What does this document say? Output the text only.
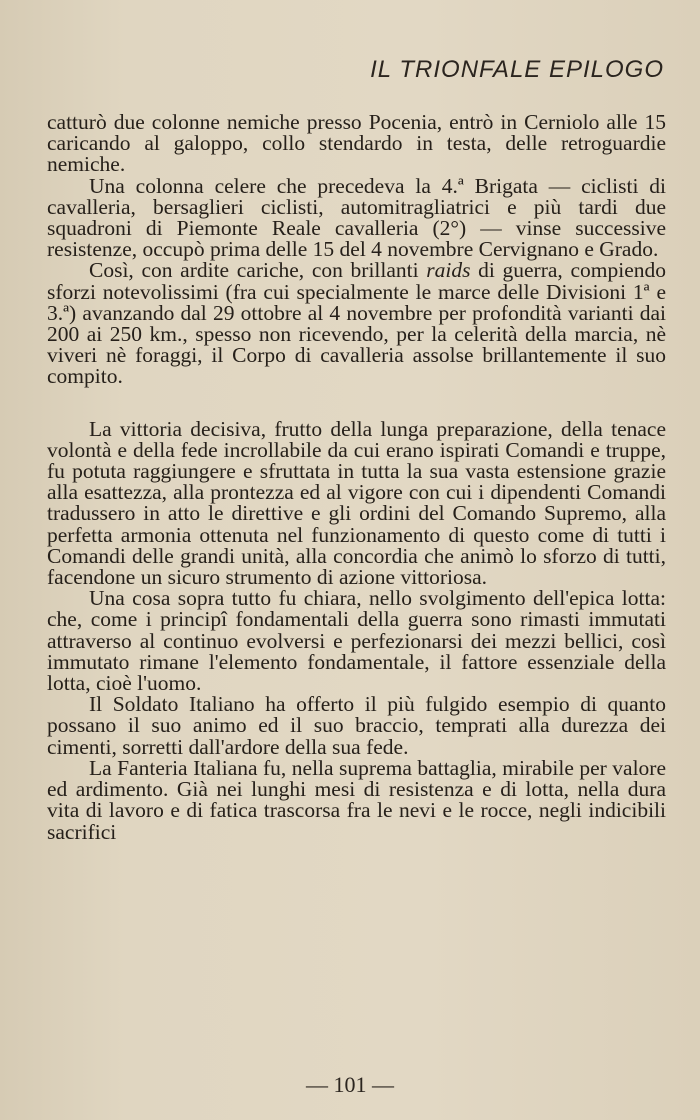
IL TRIONFALE EPILOGO

catturò due colonne nemiche presso Pocenia, entrò in Cerniolo alle 15 caricando al galoppo, collo stendardo in testa, delle retroguardie nemiche.

Una colonna celere che precedeva la 4.ª Brigata — ciclisti di cavalleria, bersaglieri ciclisti, automitragliatrici e più tardi due squadroni di Piemonte Reale cavalleria (2°) — vinse successive resistenze, occupò prima delle 15 del 4 novembre Cervignano e Grado.

Così, con ardite cariche, con brillanti raids di guerra, compiendo sforzi notevolissimi (fra cui specialmente le marce delle Divisioni 1ª e 3.ª) avanzando dal 29 ottobre al 4 novembre per profondità varianti dai 200 ai 250 km., spesso non ricevendo, per la celerità della marcia, nè viveri nè foraggi, il Corpo di cavalleria assolse brillantemente il suo compito.

La vittoria decisiva, frutto della lunga preparazione, della tenace volontà e della fede incrollabile da cui erano ispirati Comandi e truppe, fu potuta raggiungere e sfruttata in tutta la sua vasta estensione grazie alla esattezza, alla prontezza ed al vigore con cui i dipendenti Comandi tradussero in atto le direttive e gli ordini del Comando Supremo, alla perfetta armonia ottenuta nel funzionamento di questo come di tutti i Comandi delle grandi unità, alla concordia che animò lo sforzo di tutti, facendone un sicuro strumento di azione vittoriosa.

Una cosa sopra tutto fu chiara, nello svolgimento dell'epica lotta: che, come i principî fondamentali della guerra sono rimasti immutati attraverso al continuo evolversi e perfezionarsi dei mezzi bellici, così immutato rimane l'elemento fondamentale, il fattore essenziale della lotta, cioè l'uomo.

Il Soldato Italiano ha offerto il più fulgido esempio di quanto possano il suo animo ed il suo braccio, temprati alla durezza dei cimenti, sorretti dall'ardore della sua fede.

La Fanteria Italiana fu, nella suprema battaglia, mirabile per valore ed ardimento. Già nei lunghi mesi di resistenza e di lotta, nella dura vita di lavoro e di fatica trascorsa fra le nevi e le rocce, negli indicibili sacrifici

— 101 —
